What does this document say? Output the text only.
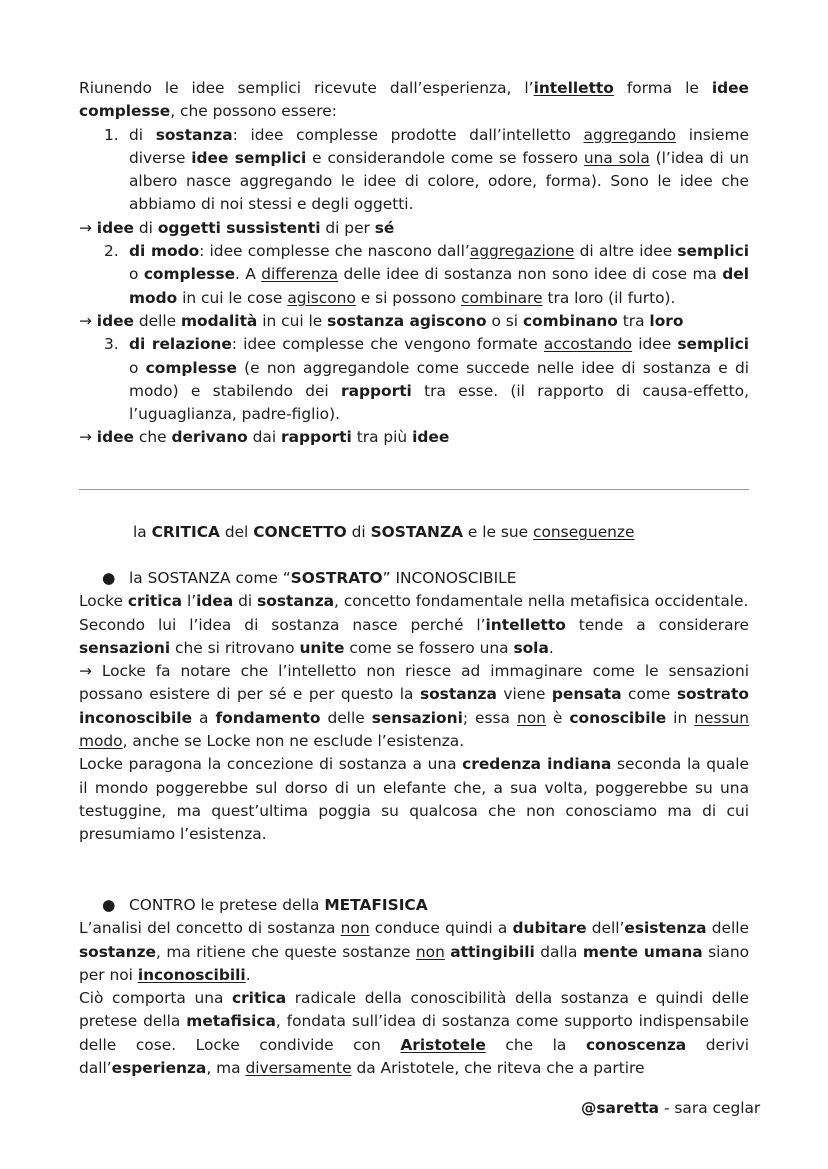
Riunendo le idee semplici ricevute dall’esperienza, l’intelletto forma le idee complesse, che possono essere:

1. di sostanza: idee complesse prodotte dall’intelletto aggregando insieme diverse idee semplici e considerandole come se fossero una sola (l’idea di un albero nasce aggregando le idee di colore, odore, forma). Sono le idee che abbiamo di noi stessi e degli oggetti.

→ idee di oggetti sussistenti di per sé

2. di modo: idee complesse che nascono dall’aggregazione di altre idee semplici o complesse. A differenza delle idee di sostanza non sono idee di cose ma del modo in cui le cose agiscono e si possono combinare tra loro (il furto).

→ idee delle modalità in cui le sostanza agiscono o si combinano tra loro

3. di relazione: idee complesse che vengono formate accostando idee semplici o complesse (e non aggregandole come succede nelle idee di sostanza e di modo) e stabilendo dei rapporti tra esse. (il rapporto di causa-effetto, l’uguaglianza, padre-figlio).

→ idee che derivano dai rapporti tra più idee

la CRITICA del CONCETTO di SOSTANZA e le sue conseguenze

● la SOSTANZA come “SOSTRATO” INCONOSCIBILE

Locke critica l’idea di sostanza, concetto fondamentale nella metafisica occidentale.

Secondo lui l’idea di sostanza nasce perché l’intelletto tende a considerare sensazioni che si ritrovano unite come se fossero una sola.

→ Locke fa notare che l’intelletto non riesce ad immaginare come le sensazioni possano esistere di per sé e per questo la sostanza viene pensata come sostrato inconoscibile a fondamento delle sensazioni; essa non è conoscibile in nessun modo, anche se Locke non ne esclude l’esistenza.

Locke paragona la concezione di sostanza a una credenza indiana seconda la quale il mondo poggerebbe sul dorso di un elefante che, a sua volta, poggerebbe su una testuggine, ma quest’ultima poggia su qualcosa che non conosciamo ma di cui presumiamo l’esistenza.

● CONTRO le pretese della METAFISICA

L’analisi del concetto di sostanza non conduce quindi a dubitare dell’esistenza delle sostanze, ma ritiene che queste sostanze non attingibili dalla mente umana siano per noi inconoscibili.

Ciò comporta una critica radicale della conoscibilità della sostanza e quindi delle pretese della metafisica, fondata sull’idea di sostanza come supporto indispensabile delle cose. Locke condivide con Aristotele che la conoscenza derivi dall’esperienza, ma diversamente da Aristotele, che riteva che a partire

@saretta - sara ceglar
